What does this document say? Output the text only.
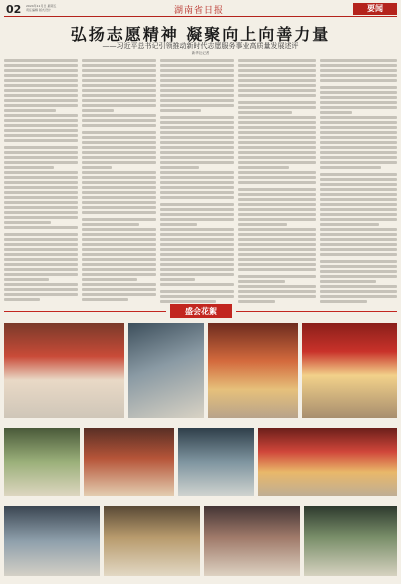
02 2024年11月日 星期五
责任编辑 版式设计	湖南省日报	要闻
弘扬志愿精神 凝聚向上向善力量
——习近平总书记引领推动新时代志愿服务事业高质量发展述评
新华社记者
盛会花絮
